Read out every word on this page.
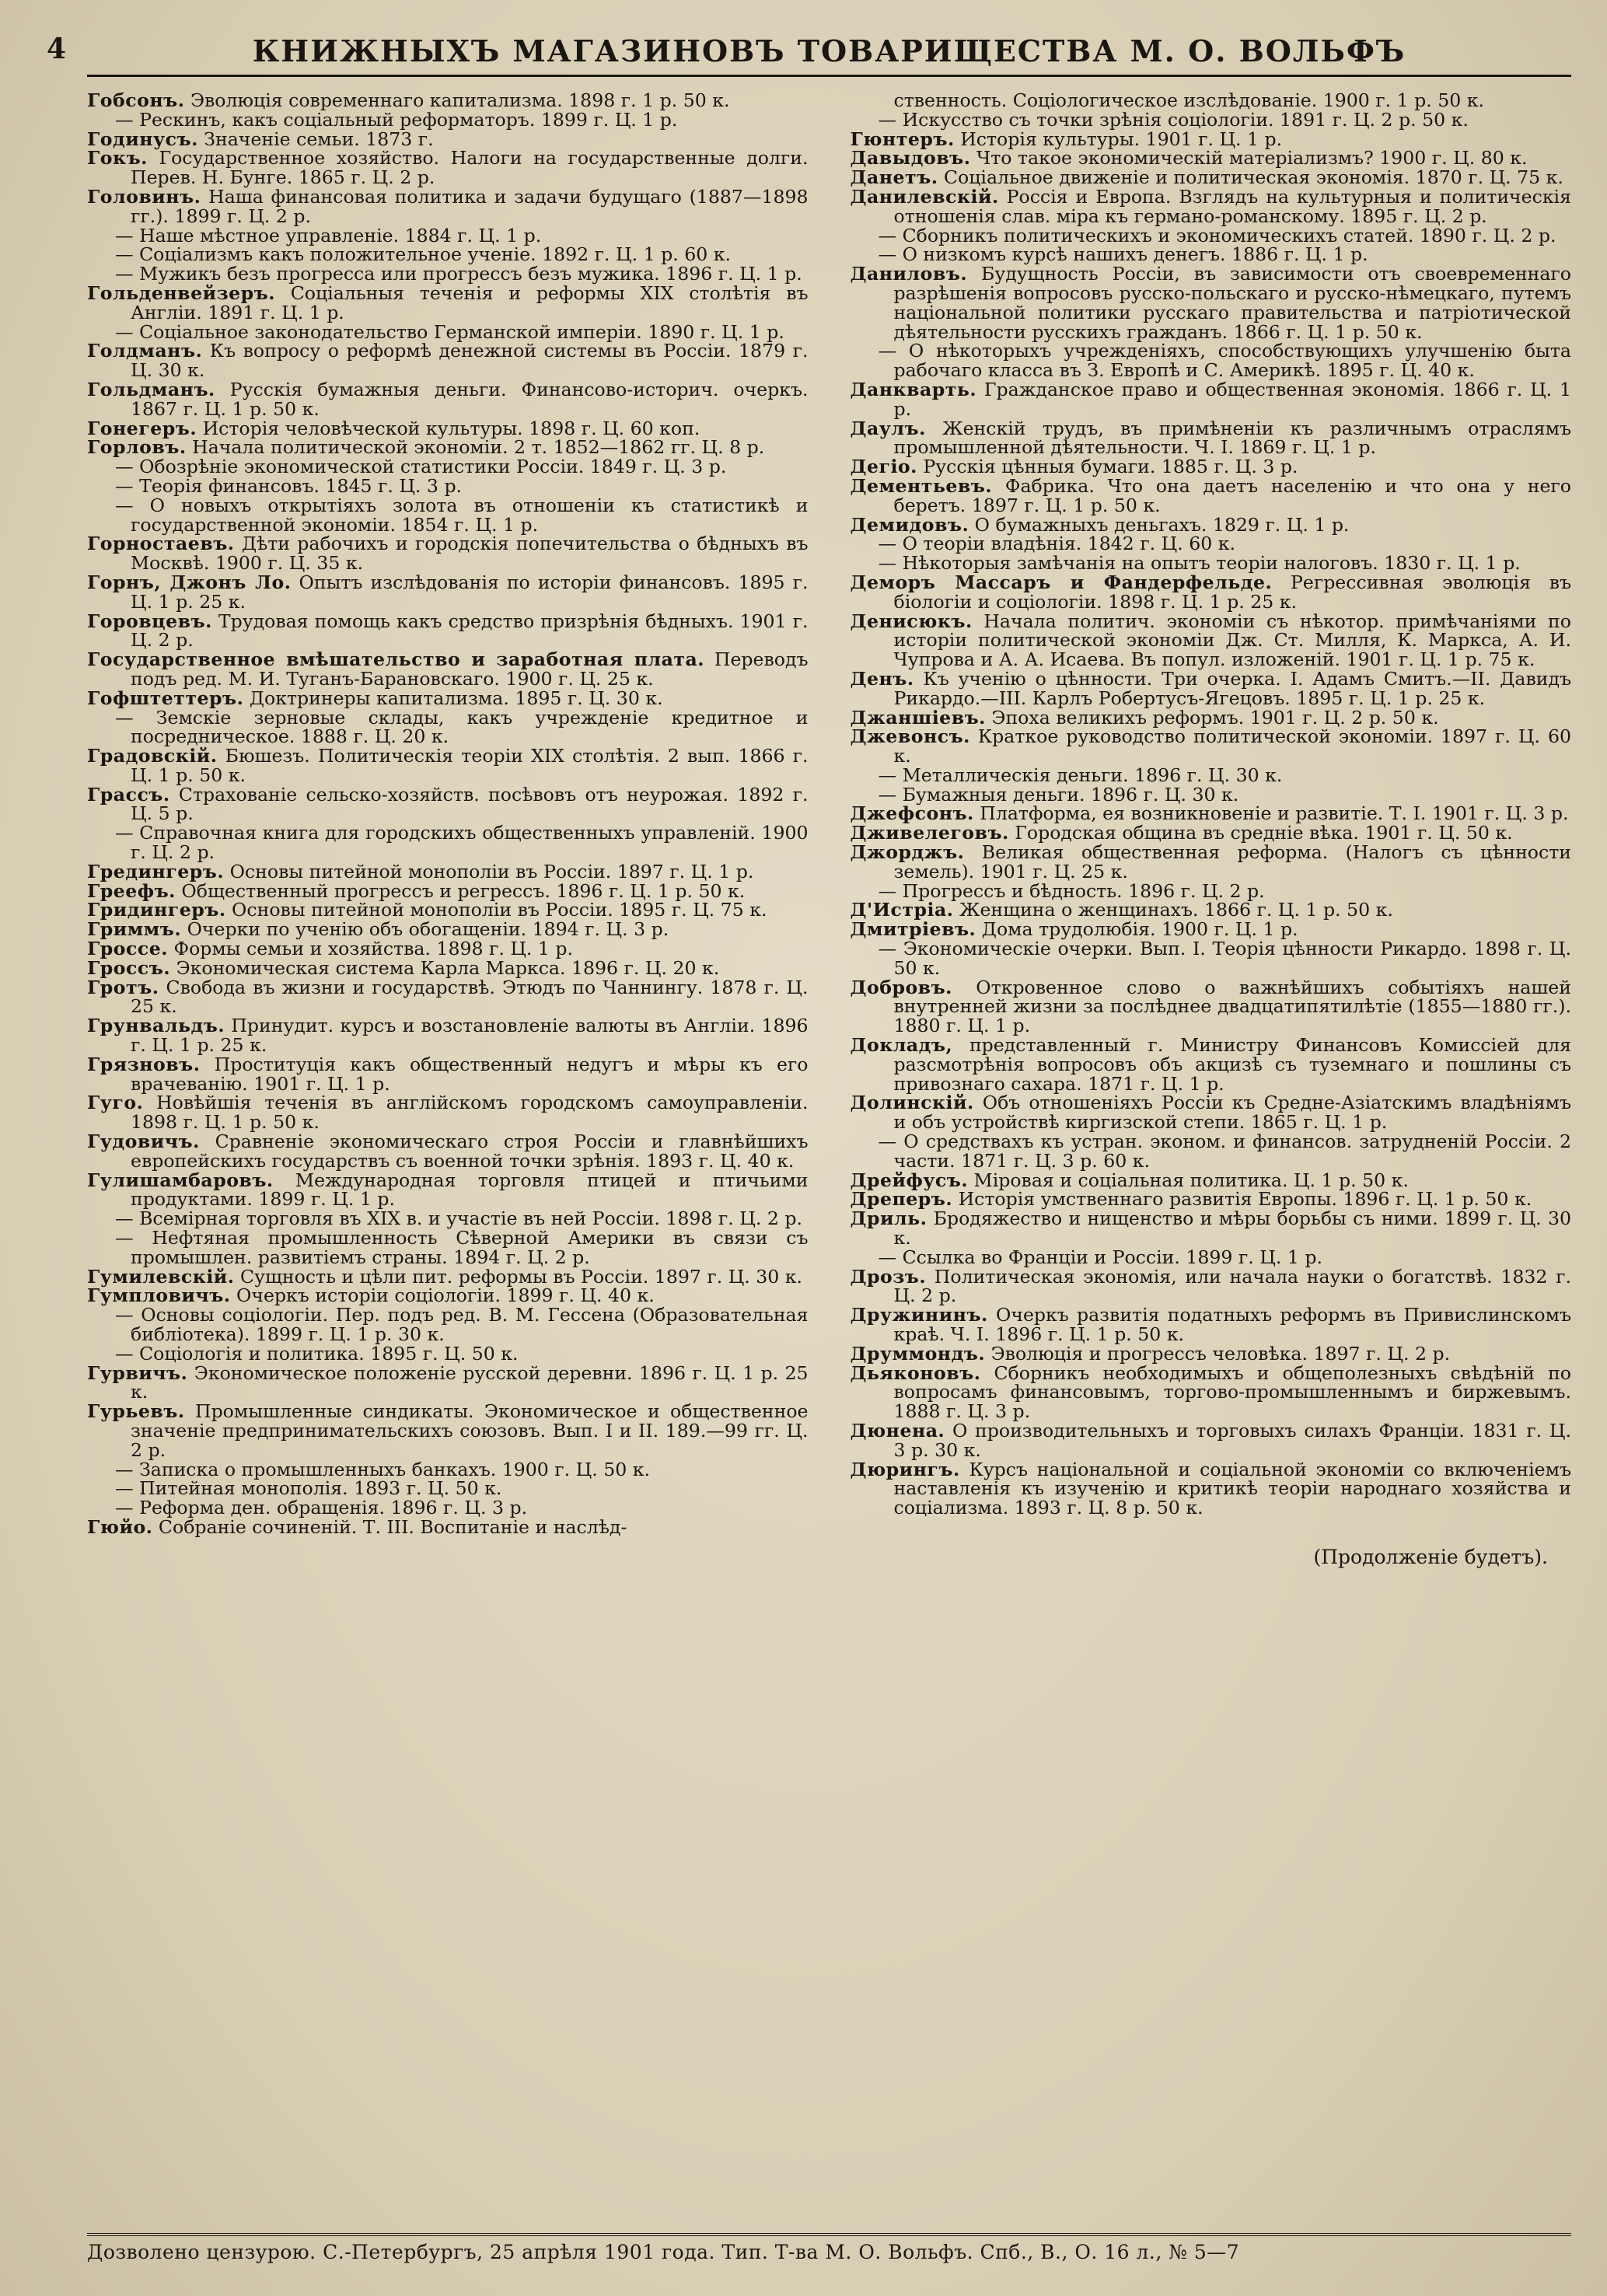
4	КНИЖНЫХЪ МАГАЗИНОВЪ ТОВАРИЩЕСТВА М. О. ВОЛЬФЪ

Гобсонъ. Эволюція современнаго капитализма. 1898 г. 1 р. 50 к.

— Рескинъ, какъ соціальный реформаторъ. 1899 г. Ц. 1 р.

Годинусъ. Значеніе семьи. 1873 г.

Гокъ. Государственное хозяйство. Налоги на государственные долги. Перев. Н. Бунге. 1865 г. Ц. 2 р.

Головинъ. Наша финансовая политика и задачи будущаго (1887—1898 гг.). 1899 г. Ц. 2 р.

— Наше мѣстное управленіе. 1884 г. Ц. 1 р.

— Соціализмъ какъ положительное ученіе. 1892 г. Ц. 1 р. 60 к.

— Мужикъ безъ прогресса или прогрессъ безъ мужика. 1896 г. Ц. 1 р.

Гольденвейзеръ. Соціальныя теченія и реформы XIX столѣтія въ Англіи. 1891 г. Ц. 1 р.

— Соціальное законодательство Германской имперіи. 1890 г. Ц. 1 р.

Голдманъ. Къ вопросу о реформѣ денежной системы въ Россіи. 1879 г. Ц. 30 к.

Гольдманъ. Русскія бумажныя деньги. Финансово-историч. очеркъ. 1867 г. Ц. 1 р. 50 к.

Гонегеръ. Исторія человѣческой культуры. 1898 г. Ц. 60 коп.

Горловъ. Начала политической экономіи. 2 т. 1852—1862 гг. Ц. 8 р.

— Обозрѣніе экономической статистики Россіи. 1849 г. Ц. 3 р.

— Теорія финансовъ. 1845 г. Ц. 3 р.

— О новыхъ открытіяхъ золота въ отношеніи къ статистикѣ и государственной экономіи. 1854 г. Ц. 1 р.

Горностаевъ. Дѣти рабочихъ и городскія попечительства о бѣдныхъ въ Москвѣ. 1900 г. Ц. 35 к.

Горнъ, Джонъ Ло. Опытъ изслѣдованія по исторіи финансовъ. 1895 г. Ц. 1 р. 25 к.

Горовцевъ. Трудовая помощь какъ средство призрѣнія бѣдныхъ. 1901 г. Ц. 2 р.

Государственное вмѣшательство и заработная плата. Переводъ подъ ред. М. И. Туганъ-Барановскаго. 1900 г. Ц. 25 к.

Гофштеттеръ. Доктринеры капитализма. 1895 г. Ц. 30 к.

— Земскіе зерновые склады, какъ учрежденіе кредитное и посредническое. 1888 г. Ц. 20 к.

Градовскій. Бюшезъ. Политическія теоріи XIX столѣтія. 2 вып. 1866 г. Ц. 1 р. 50 к.

Грассъ. Страхованіе сельско-хозяйств. посѣвовъ отъ неурожая. 1892 г. Ц. 5 р.

— Справочная книга для городскихъ общественныхъ управленій. 1900 г. Ц. 2 р.

Гредингеръ. Основы питейной монополіи въ Россіи. 1897 г. Ц. 1 р.

Греефъ. Общественный прогрессъ и регрессъ. 1896 г. Ц. 1 р. 50 к.

Гридингеръ. Основы питейной монополіи въ Россіи. 1895 г. Ц. 75 к.

Гриммъ. Очерки по ученію объ обогащеніи. 1894 г. Ц. 3 р.

Гроссе. Формы семьи и хозяйства. 1898 г. Ц. 1 р.

Гроссъ. Экономическая система Карла Маркса. 1896 г. Ц. 20 к.

Гротъ. Свобода въ жизни и государствѣ. Этюдъ по Чаннингу. 1878 г. Ц. 25 к.

Грунвальдъ. Принудит. курсъ и возстановленіе валюты въ Англіи. 1896 г. Ц. 1 р. 25 к.

Грязновъ. Проституція какъ общественный недугъ и мѣры къ его врачеванію. 1901 г. Ц. 1 р.

Гуго. Новѣйшія теченія въ англійскомъ городскомъ самоуправленіи. 1898 г. Ц. 1 р. 50 к.

Гудовичъ. Сравненіе экономическаго строя Россіи и главнѣйшихъ европейскихъ государствъ съ военной точки зрѣнія. 1893 г. Ц. 40 к.

Гулишамбаровъ. Международная торговля птицей и птичьими продуктами. 1899 г. Ц. 1 р.

— Всемірная торговля въ XIX в. и участіе въ ней Россіи. 1898 г. Ц. 2 р.

— Нефтяная промышленность Сѣверной Америки въ связи съ промышлен. развитіемъ страны. 1894 г. Ц. 2 р.

Гумилевскій. Сущность и цѣли пит. реформы въ Россіи. 1897 г. Ц. 30 к.

Гумпловичъ. Очеркъ исторіи соціологіи. 1899 г. Ц. 40 к.

— Основы соціологіи. Пер. подъ ред. В. М. Гессена (Образовательная библіотека). 1899 г. Ц. 1 р. 30 к.

— Соціологія и политика. 1895 г. Ц. 50 к.

Гурвичъ. Экономическое положеніе русской деревни. 1896 г. Ц. 1 р. 25 к.

Гурьевъ. Промышленные синдикаты. Экономическое и общественное значеніе предпринимательскихъ союзовъ. Вып. I и II. 189.—99 гг. Ц. 2 р.

— Записка о промышленныхъ банкахъ. 1900 г. Ц. 50 к.

— Питейная монополія. 1893 г. Ц. 50 к.

— Реформа ден. обращенія. 1896 г. Ц. 3 р.

Гюйо. Собраніе сочиненій. Т. III. Воспитаніе и наслѣд-

ственность. Соціологическое изслѣдованіе. 1900 г. 1 р. 50 к.

— Искусство съ точки зрѣнія соціологіи. 1891 г. Ц. 2 р. 50 к.

Гюнтеръ. Исторія культуры. 1901 г. Ц. 1 р.

Давыдовъ. Что такое экономическій матеріализмъ? 1900 г. Ц. 80 к.

Данетъ. Соціальное движеніе и политическая экономія. 1870 г. Ц. 75 к.

Данилевскій. Россія и Европа. Взглядъ на культурныя и политическія отношенія слав. міра къ германо-романскому. 1895 г. Ц. 2 р.

— Сборникъ политическихъ и экономическихъ статей. 1890 г. Ц. 2 р.

— О низкомъ курсѣ нашихъ денегъ. 1886 г. Ц. 1 р.

Даниловъ. Будущность Россіи, въ зависимости отъ своевременнаго разрѣшенія вопросовъ русско-польскаго и русско-нѣмецкаго, путемъ національной политики русскаго правительства и патріотической дѣятельности русскихъ гражданъ. 1866 г. Ц. 1 р. 50 к.

— О нѣкоторыхъ учрежденіяхъ, способствующихъ улучшенію быта рабочаго класса въ З. Европѣ и С. Америкѣ. 1895 г. Ц. 40 к.

Данкварть. Гражданское право и общественная экономія. 1866 г. Ц. 1 р.

Даулъ. Женскій трудъ, въ примѣненіи къ различнымъ отраслямъ промышленной дѣятельности. Ч. I. 1869 г. Ц. 1 р.

Дегіо. Русскія цѣнныя бумаги. 1885 г. Ц. 3 р.

Дементьевъ. Фабрика. Что она даетъ населенію и что она у него беретъ. 1897 г. Ц. 1 р. 50 к.

Демидовъ. О бумажныхъ деньгахъ. 1829 г. Ц. 1 р.

— О теоріи владѣнія. 1842 г. Ц. 60 к.

— Нѣкоторыя замѣчанія на опытъ теоріи налоговъ. 1830 г. Ц. 1 р.

Деморъ Массаръ и Фандерфельде. Регрессивная эволюція въ біологіи и соціологіи. 1898 г. Ц. 1 р. 25 к.

Денисюкъ. Начала политич. экономіи съ нѣкотор. примѣчаніями по исторіи политической экономіи Дж. Ст. Милля, К. Маркса, А. И. Чупрова и А. А. Исаева. Въ попул. изложеній. 1901 г. Ц. 1 р. 75 к.

Денъ. Къ ученію о цѣнности. Три очерка. I. Адамъ Смитъ.—II. Давидъ Рикардо.—III. Карлъ Робертусъ-Ягецовъ. 1895 г. Ц. 1 р. 25 к.

Джаншіевъ. Эпоха великихъ реформъ. 1901 г. Ц. 2 р. 50 к.

Джевонсъ. Краткое руководство политической экономіи. 1897 г. Ц. 60 к.

— Металлическія деньги. 1896 г. Ц. 30 к.

— Бумажныя деньги. 1896 г. Ц. 30 к.

Джефсонъ. Платформа, ея возникновеніе и развитіе. Т. I. 1901 г. Ц. 3 р.

Дживелеговъ. Городская община въ средніе вѣка. 1901 г. Ц. 50 к.

Джорджъ. Великая общественная реформа. (Налогъ съ цѣнности земель). 1901 г. Ц. 25 к.

— Прогрессъ и бѣдность. 1896 г. Ц. 2 р.

Д'Истріа. Женщина о женщинахъ. 1866 г. Ц. 1 р. 50 к.

Дмитріевъ. Дома трудолюбія. 1900 г. Ц. 1 р.

— Экономическіе очерки. Вып. I. Теорія цѣнности Рикардо. 1898 г. Ц. 50 к.

Добровъ. Откровенное слово о важнѣйшихъ событіяхъ нашей внутренней жизни за послѣднее двадцатипятилѣтіе (1855—1880 гг.). 1880 г. Ц. 1 р.

Докладъ, представленный г. Министру Финансовъ Комиссіей для разсмотрѣнія вопросовъ объ акцизѣ съ туземнаго и пошлины съ привознаго сахара. 1871 г. Ц. 1 р.

Долинскій. Объ отношеніяхъ Россіи къ Средне-Азіатскимъ владѣніямъ и объ устройствѣ киргизской степи. 1865 г. Ц. 1 р.

— О средствахъ къ устран. эконом. и финансов. затрудненій Россіи. 2 части. 1871 г. Ц. 3 р. 60 к.

Дрейфусъ. Міровая и соціальная политика. Ц. 1 р. 50 к.

Дреперъ. Исторія умственнаго развитія Европы. 1896 г. Ц. 1 р. 50 к.

Дриль. Бродяжество и нищенство и мѣры борьбы съ ними. 1899 г. Ц. 30 к.

— Ссылка во Франціи и Россіи. 1899 г. Ц. 1 р.

Дрозъ. Политическая экономія, или начала науки о богатствѣ. 1832 г. Ц. 2 р.

Дружининъ. Очеркъ развитія податныхъ реформъ въ Привислинскомъ краѣ. Ч. I. 1896 г. Ц. 1 р. 50 к.

Друммондъ. Эволюція и прогрессъ человѣка. 1897 г. Ц. 2 р.

Дьяконовъ. Сборникъ необходимыхъ и общеполезныхъ свѣдѣній по вопросамъ финансовымъ, торгово-промышленнымъ и биржевымъ. 1888 г. Ц. 3 р.

Дюнена. О производительныхъ и торговыхъ силахъ Франціи. 1831 г. Ц. 3 р. 30 к.

Дюрингъ. Курсъ національной и соціальной экономіи со включеніемъ наставленія къ изученію и критикѣ теоріи народнаго хозяйства и соціализма. 1893 г. Ц. 8 р. 50 к.

(Продолженіе будетъ).
Дозволено цензурою. С.-Петербургъ, 25 апрѣля 1901 года. Тип. Т-ва М. О. Вольфъ. Спб., В., О. 16 л., № 5—7
